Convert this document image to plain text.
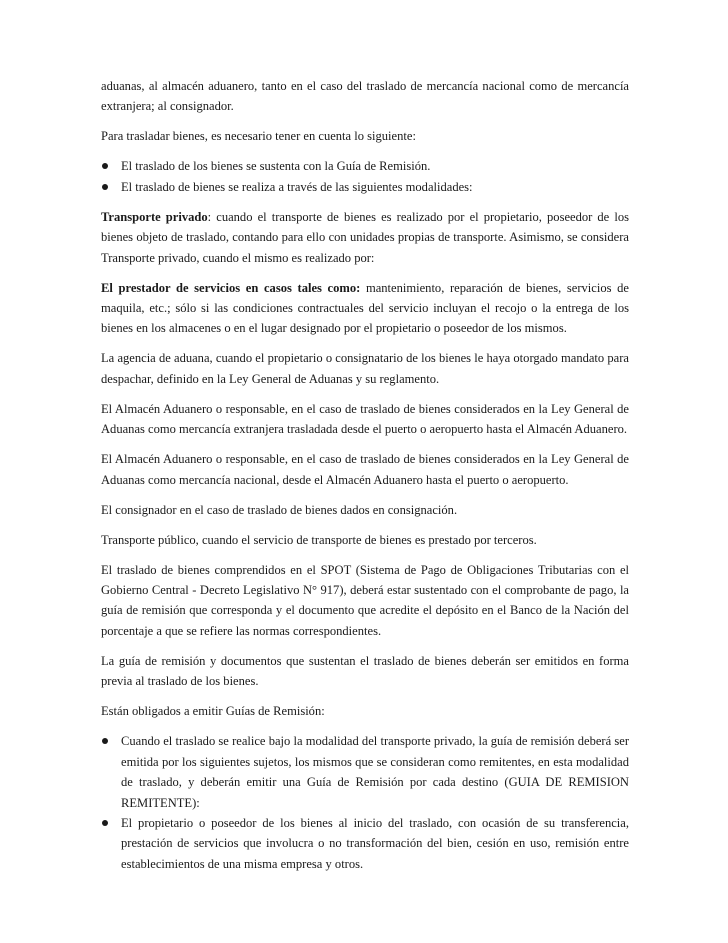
aduanas, al almacén aduanero, tanto en el caso del traslado de mercancía nacional como de mercancía extranjera; al consignador.

Para trasladar bienes, es necesario tener en cuenta lo siguiente:

El traslado de los bienes se sustenta con la Guía de Remisión.
El traslado de bienes se realiza a través de las siguientes modalidades:

Transporte privado: cuando el transporte de bienes es realizado por el propietario, poseedor de los bienes objeto de traslado, contando para ello con unidades propias de transporte. Asimismo, se considera Transporte privado, cuando el mismo es realizado por:

El prestador de servicios en casos tales como: mantenimiento, reparación de bienes, servicios de maquila, etc.; sólo si las condiciones contractuales del servicio incluyan el recojo o la entrega de los bienes en los almacenes o en el lugar designado por el propietario o poseedor de los mismos.

La agencia de aduana, cuando el propietario o consignatario de los bienes le haya otorgado mandato para despachar, definido en la Ley General de Aduanas y su reglamento.

El Almacén Aduanero o responsable, en el caso de traslado de bienes considerados en la Ley General de Aduanas como mercancía extranjera trasladada desde el puerto o aeropuerto hasta el Almacén Aduanero.

El Almacén Aduanero o responsable, en el caso de traslado de bienes considerados en la Ley General de Aduanas como mercancía nacional, desde el Almacén Aduanero hasta el puerto o aeropuerto.

El consignador en el caso de traslado de bienes dados en consignación.

Transporte público, cuando el servicio de transporte de bienes es prestado por terceros.

El traslado de bienes comprendidos en el SPOT (Sistema de Pago de Obligaciones Tributarias con el Gobierno Central - Decreto Legislativo N° 917), deberá estar sustentado con el comprobante de pago, la guía de remisión que corresponda y el documento que acredite el depósito en el Banco de la Nación del porcentaje a que se refiere las normas correspondientes.

La guía de remisión y documentos que sustentan el traslado de bienes deberán ser emitidos en forma previa al traslado de los bienes.

Están obligados a emitir Guías de Remisión:

Cuando el traslado se realice bajo la modalidad del transporte privado, la guía de remisión deberá ser emitida por los siguientes sujetos, los mismos que se consideran como remitentes, en esta modalidad de traslado, y deberán emitir una Guía de Remisión por cada destino (GUIA DE REMISION REMITENTE):
El propietario o poseedor de los bienes al inicio del traslado, con ocasión de su transferencia, prestación de servicios que involucra o no transformación del bien, cesión en uso, remisión entre establecimientos de una misma empresa y otros.
